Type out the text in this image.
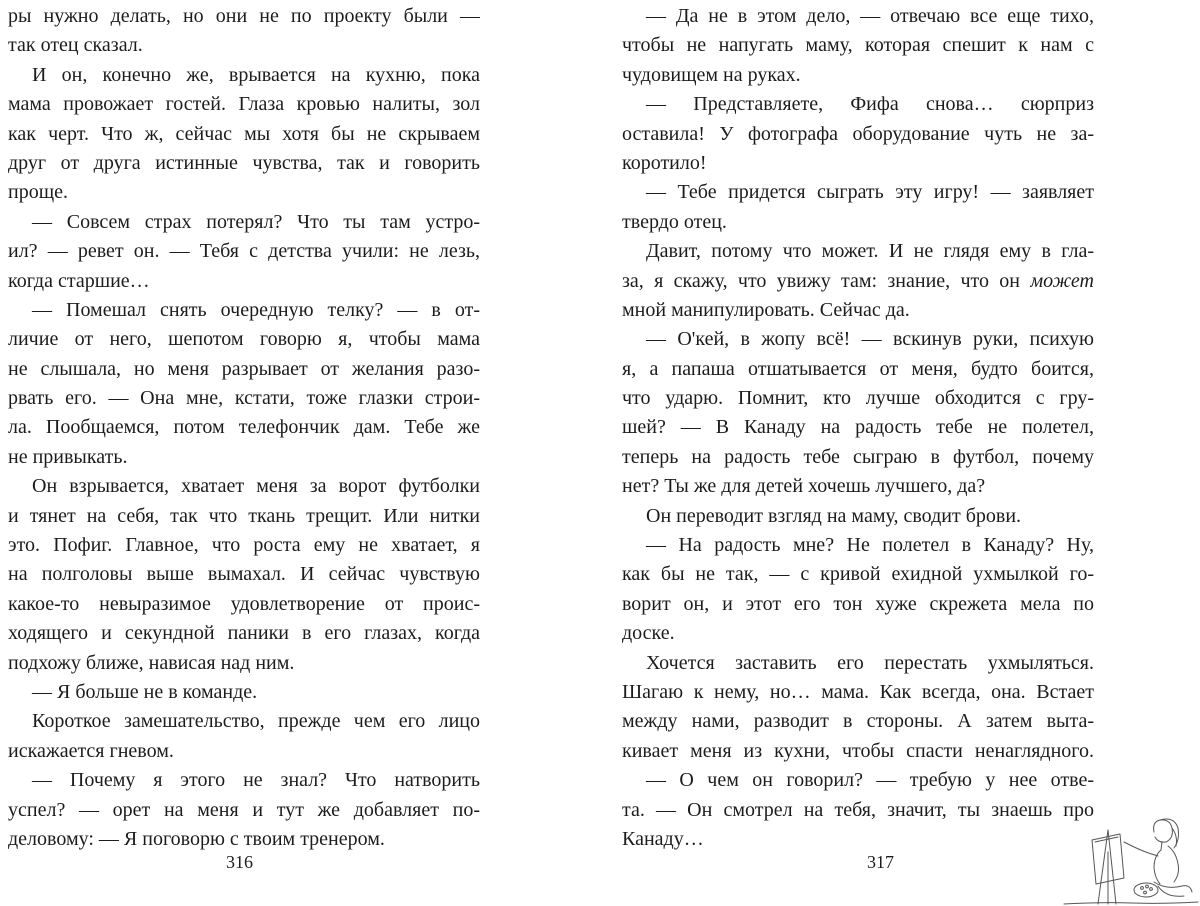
ры нужно делать, но они не по проекту были —
так отец сказал.
И он, конечно же, врывается на кухню, пока
мама провожает гостей. Глаза кровью налиты, зол
как черт. Что ж, сейчас мы хотя бы не скрываем
друг от друга истинные чувства, так и говорить
проще.
— Совсем страх потерял? Что ты там устро-
ил? — ревет он. — Тебя с детства учили: не лезь,
когда старшие…
— Помешал снять очередную телку? — в от-
личие от него, шепотом говорю я, чтобы мама
не слышала, но меня разрывает от желания разо-
рвать его. — Она мне, кстати, тоже глазки строи-
ла. Пообщаемся, потом телефончик дам. Тебе же
не привыкать.
Он взрывается, хватает меня за ворот футболки
и тянет на себя, так что ткань трещит. Или нитки
это. Пофиг. Главное, что роста ему не хватает, я
на полголовы выше вымахал. И сейчас чувствую
какое-то невыразимое удовлетворение от проис-
ходящего и секундной паники в его глазах, когда
подхожу ближе, нависая над ним.
— Я больше не в команде.
Короткое замешательство, прежде чем его лицо
искажается гневом.
— Почему я этого не знал? Что натворить
успел? — орет на меня и тут же добавляет по-
деловому: — Я поговорю с твоим тренером.
— Да не в этом дело, — отвечаю все еще тихо,
чтобы не напугать маму, которая спешит к нам с
чудовищем на руках.
— Представляете, Фифа снова… сюрприз
оставила! У фотографа оборудование чуть не за-
коротило!
— Тебе придется сыграть эту игру! — заявляет
твердо отец.
Давит, потому что может. И не глядя ему в гла-
за, я скажу, что увижу там: знание, что он может
мной манипулировать. Сейчас да.
— О'кей, в жопу всё! — вскинув руки, психую
я, а папаша отшатывается от меня, будто боится,
что ударю. Помнит, кто лучше обходится с гру-
шей? — В Канаду на радость тебе не полетел,
теперь на радость тебе сыграю в футбол, почему
нет? Ты же для детей хочешь лучшего, да?
Он переводит взгляд на маму, сводит брови.
— На радость мне? Не полетел в Канаду? Ну,
как бы не так, — с кривой ехидной ухмылкой го-
ворит он, и этот его тон хуже скрежета мела по
доске.
Хочется заставить его перестать ухмыляться.
Шагаю к нему, но… мама. Как всегда, она. Встает
между нами, разводит в стороны. А затем выта-
кивает меня из кухни, чтобы спасти ненаглядного.
— О чем он говорил? — требую у нее отве-
та. — Он смотрел на тебя, значит, ты знаешь про
Канаду…
316	317
